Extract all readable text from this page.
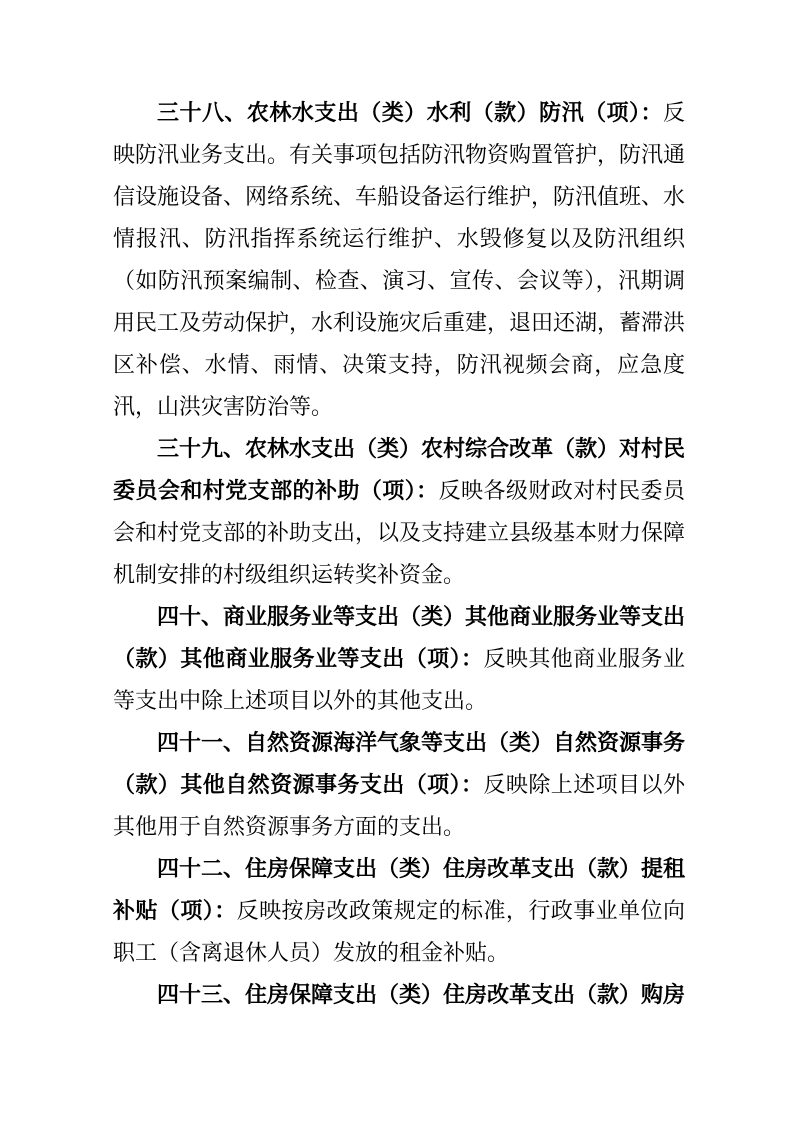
三十八、农林水支出（类）水利（款）防汛（项）：反映防汛业务支出。有关事项包括防汛物资购置管护，防汛通信设施设备、网络系统、车船设备运行维护，防汛值班、水情报汛、防汛指挥系统运行维护、水毁修复以及防汛组织（如防汛预案编制、检查、演习、宣传、会议等），汛期调用民工及劳动保护，水利设施灾后重建，退田还湖，蓄滞洪区补偿、水情、雨情、决策支持，防汛视频会商，应急度汛，山洪灾害防治等。

三十九、农林水支出（类）农村综合改革（款）对村民委员会和村党支部的补助（项）：反映各级财政对村民委员会和村党支部的补助支出，以及支持建立县级基本财力保障机制安排的村级组织运转奖补资金。

四十、商业服务业等支出（类）其他商业服务业等支出（款）其他商业服务业等支出（项）：反映其他商业服务业等支出中除上述项目以外的其他支出。

四十一、自然资源海洋气象等支出（类）自然资源事务（款）其他自然资源事务支出（项）：反映除上述项目以外其他用于自然资源事务方面的支出。

四十二、住房保障支出（类）住房改革支出（款）提租补贴（项）：反映按房改政策规定的标准，行政事业单位向职工（含离退休人员）发放的租金补贴。

四十三、住房保障支出（类）住房改革支出（款）购房
